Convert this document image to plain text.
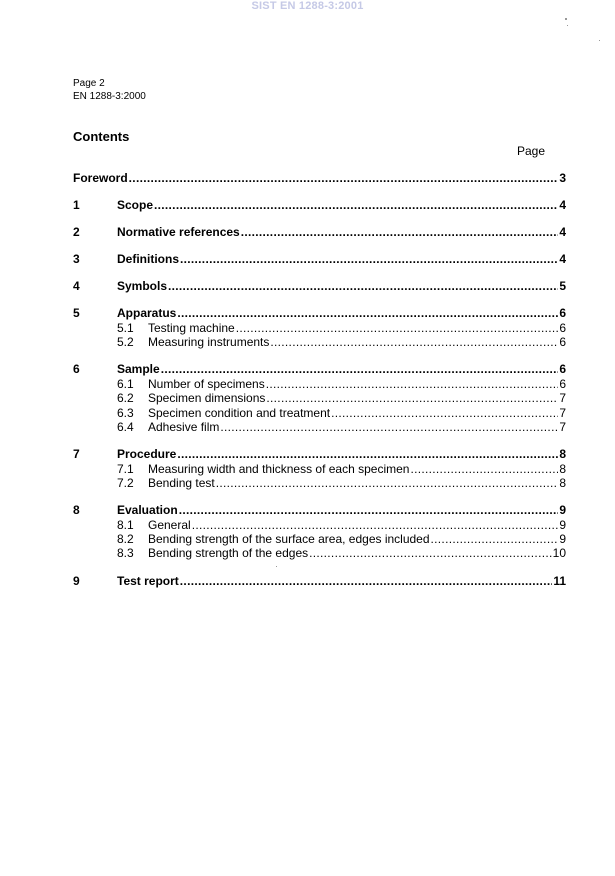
SIST EN 1288-3:2001
Page 2
EN 1288-3:2000
Contents
Page
Foreword .....	3
1	Scope .....	4
2	Normative references .....	4
3	Definitions .....	4
4	Symbols .....	5
5	Apparatus .....	6
5.1	Testing machine .....	6
5.2	Measuring instruments .....	6
6	Sample .....	6
6.1	Number of specimens .....	6
6.2	Specimen dimensions .....	7
6.3	Specimen condition and treatment .....	7
6.4	Adhesive film .....	7
7	Procedure .....	8
7.1	Measuring width and thickness of each specimen .....	8
7.2	Bending test .....	8
8	Evaluation .....	9
8.1	General .....	9
8.2	Bending strength of the surface area, edges included .....	9
8.3	Bending strength of the edges .....	10
9	Test report .....	11
